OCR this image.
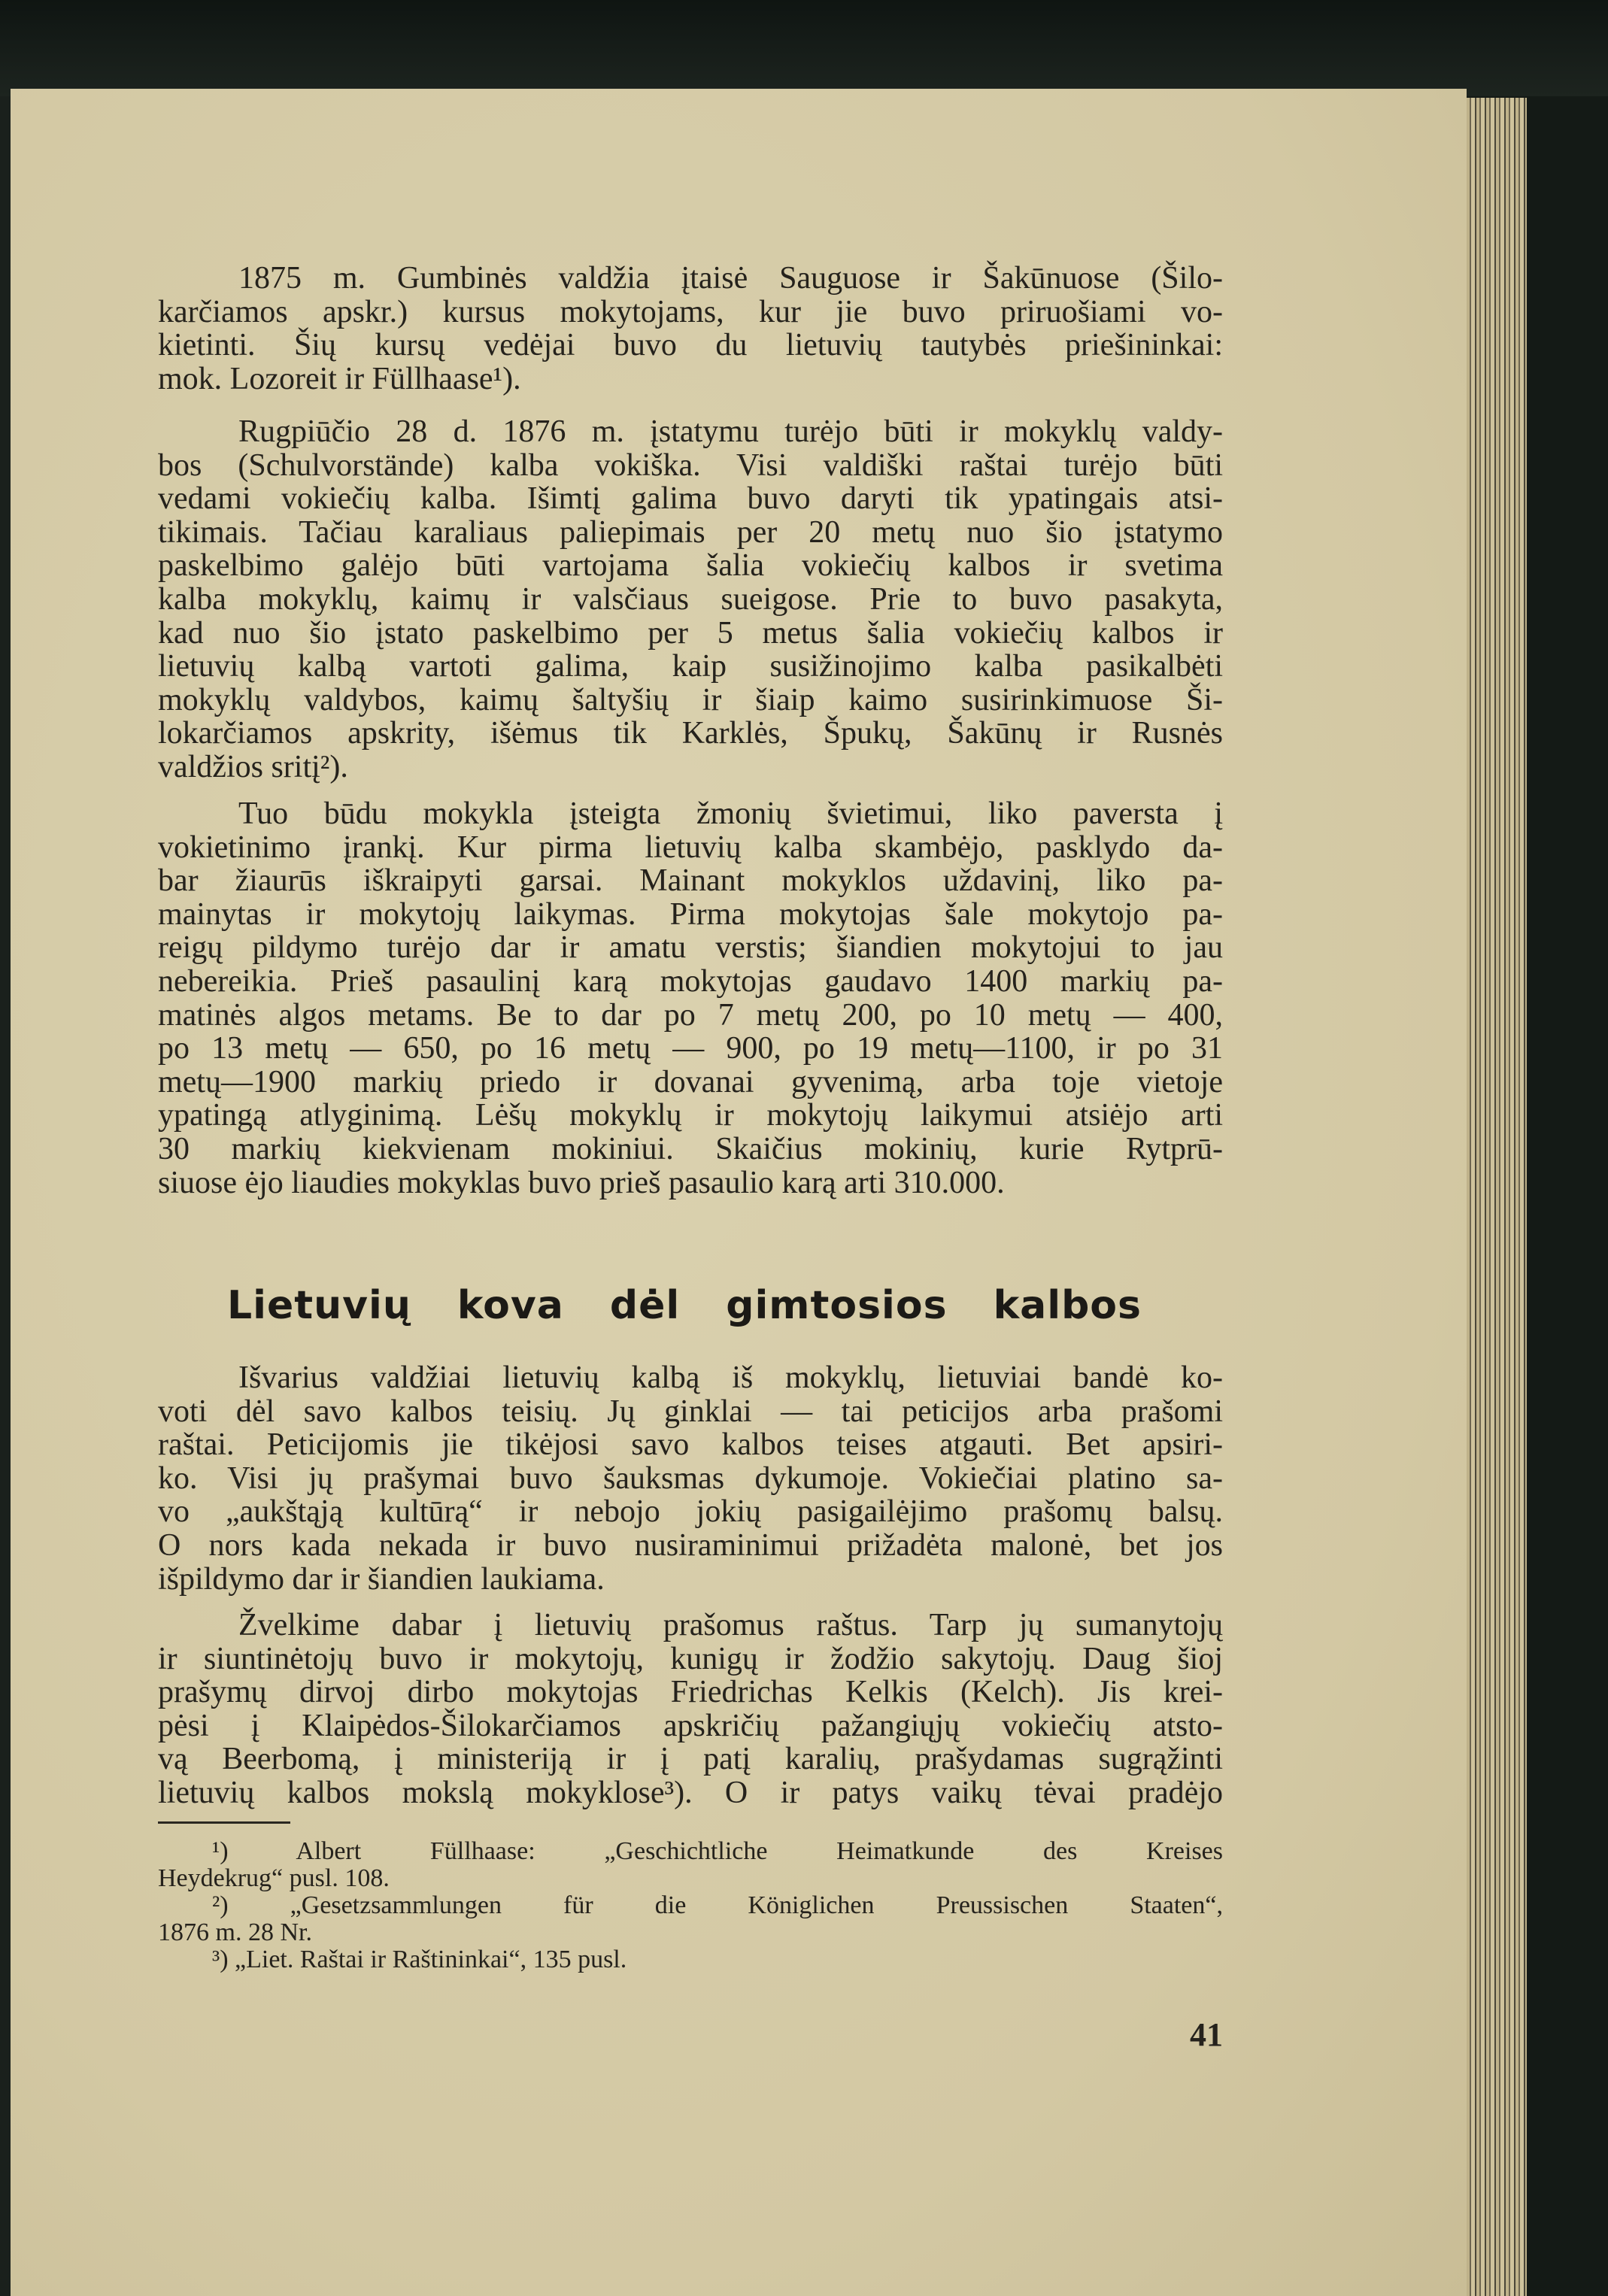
1875 m. Gumbinės valdžia įtaisė Sauguose ir Šakūnuose (Šilo-
karčiamos apskr.) kursus mokytojams, kur jie buvo priruošiami vo-
kietinti. Šių kursų vedėjai buvo du lietuvių tautybės priešininkai:
mok. Lozoreit ir Füllhaase¹).
Rugpiūčio 28 d. 1876 m. įstatymu turėjo būti ir mokyklų valdy-
bos (Schulvorstände) kalba vokiška. Visi valdiški raštai turėjo būti
vedami vokiečių kalba. Išimtį galima buvo daryti tik ypatingais atsi-
tikimais. Tačiau karaliaus paliepimais per 20 metų nuo šio įstatymo
paskelbimo galėjo būti vartojama šalia vokiečių kalbos ir svetima
kalba mokyklų, kaimų ir valsčiaus sueigose. Prie to buvo pasakyta,
kad nuo šio įstato paskelbimo per 5 metus šalia vokiečių kalbos ir
lietuvių kalbą vartoti galima, kaip susižinojimo kalba pasikalbėti
mokyklų valdybos, kaimų šaltyšių ir šiaip kaimo susirinkimuose Ši-
lokarčiamos apskrity, išėmus tik Karklės, Špukų, Šakūnų ir Rusnės
valdžios sritį²).
Tuo būdu mokykla įsteigta žmonių švietimui, liko paversta į
vokietinimo įrankį. Kur pirma lietuvių kalba skambėjo, pasklydo da-
bar žiaurūs iškraipyti garsai. Mainant mokyklos uždavinį, liko pa-
mainytas ir mokytojų laikymas. Pirma mokytojas šale mokytojo pa-
reigų pildymo turėjo dar ir amatu verstis; šiandien mokytojui to jau
nebereikia. Prieš pasaulinį karą mokytojas gaudavo 1400 markių pa-
matinės algos metams. Be to dar po 7 metų 200, po 10 metų — 400,
po 13 metų — 650, po 16 metų — 900, po 19 metų—1100, ir po 31
metų—1900 markių priedo ir dovanai gyvenimą, arba toje vietoje
ypatingą atlyginimą. Lėšų mokyklų ir mokytojų laikymui atsiėjo arti
30 markių kiekvienam mokiniui. Skaičius mokinių, kurie Rytprū-
siuose ėjo liaudies mokyklas buvo prieš pasaulio karą arti 310.000.
Lietuvių kova dėl gimtosios kalbos
Išvarius valdžiai lietuvių kalbą iš mokyklų, lietuviai bandė ko-
voti dėl savo kalbos teisių. Jų ginklai — tai peticijos arba prašomi
raštai. Peticijomis jie tikėjosi savo kalbos teises atgauti. Bet apsiri-
ko. Visi jų prašymai buvo šauksmas dykumoje. Vokiečiai platino sa-
vo „aukštąją kultūrą“ ir nebojo jokių pasigailėjimo prašomų balsų.
O nors kada nekada ir buvo nusiraminimui prižadėta malonė, bet jos
išpildymo dar ir šiandien laukiama.
Žvelkime dabar į lietuvių prašomus raštus. Tarp jų sumanytojų
ir siuntinėtojų buvo ir mokytojų, kunigų ir žodžio sakytojų. Daug šioj
prašymų dirvoj dirbo mokytojas Friedrichas Kelkis (Kelch). Jis krei-
pėsi į Klaipėdos-Šilokarčiamos apskričių pažangiųjų vokiečių atsto-
vą Beerbomą, į ministeriją ir į patį karalių, prašydamas sugrąžinti
lietuvių kalbos mokslą mokyklose³). O ir patys vaikų tėvai pradėjo
¹) Albert Füllhaase: „Geschichtliche Heimatkunde des Kreises
Heydekrug“ pusl. 108.
²) „Gesetzsammlungen für die Königlichen Preussischen Staaten“,
1876 m. 28 Nr.
³) „Liet. Raštai ir Raštininkai“, 135 pusl.
41
